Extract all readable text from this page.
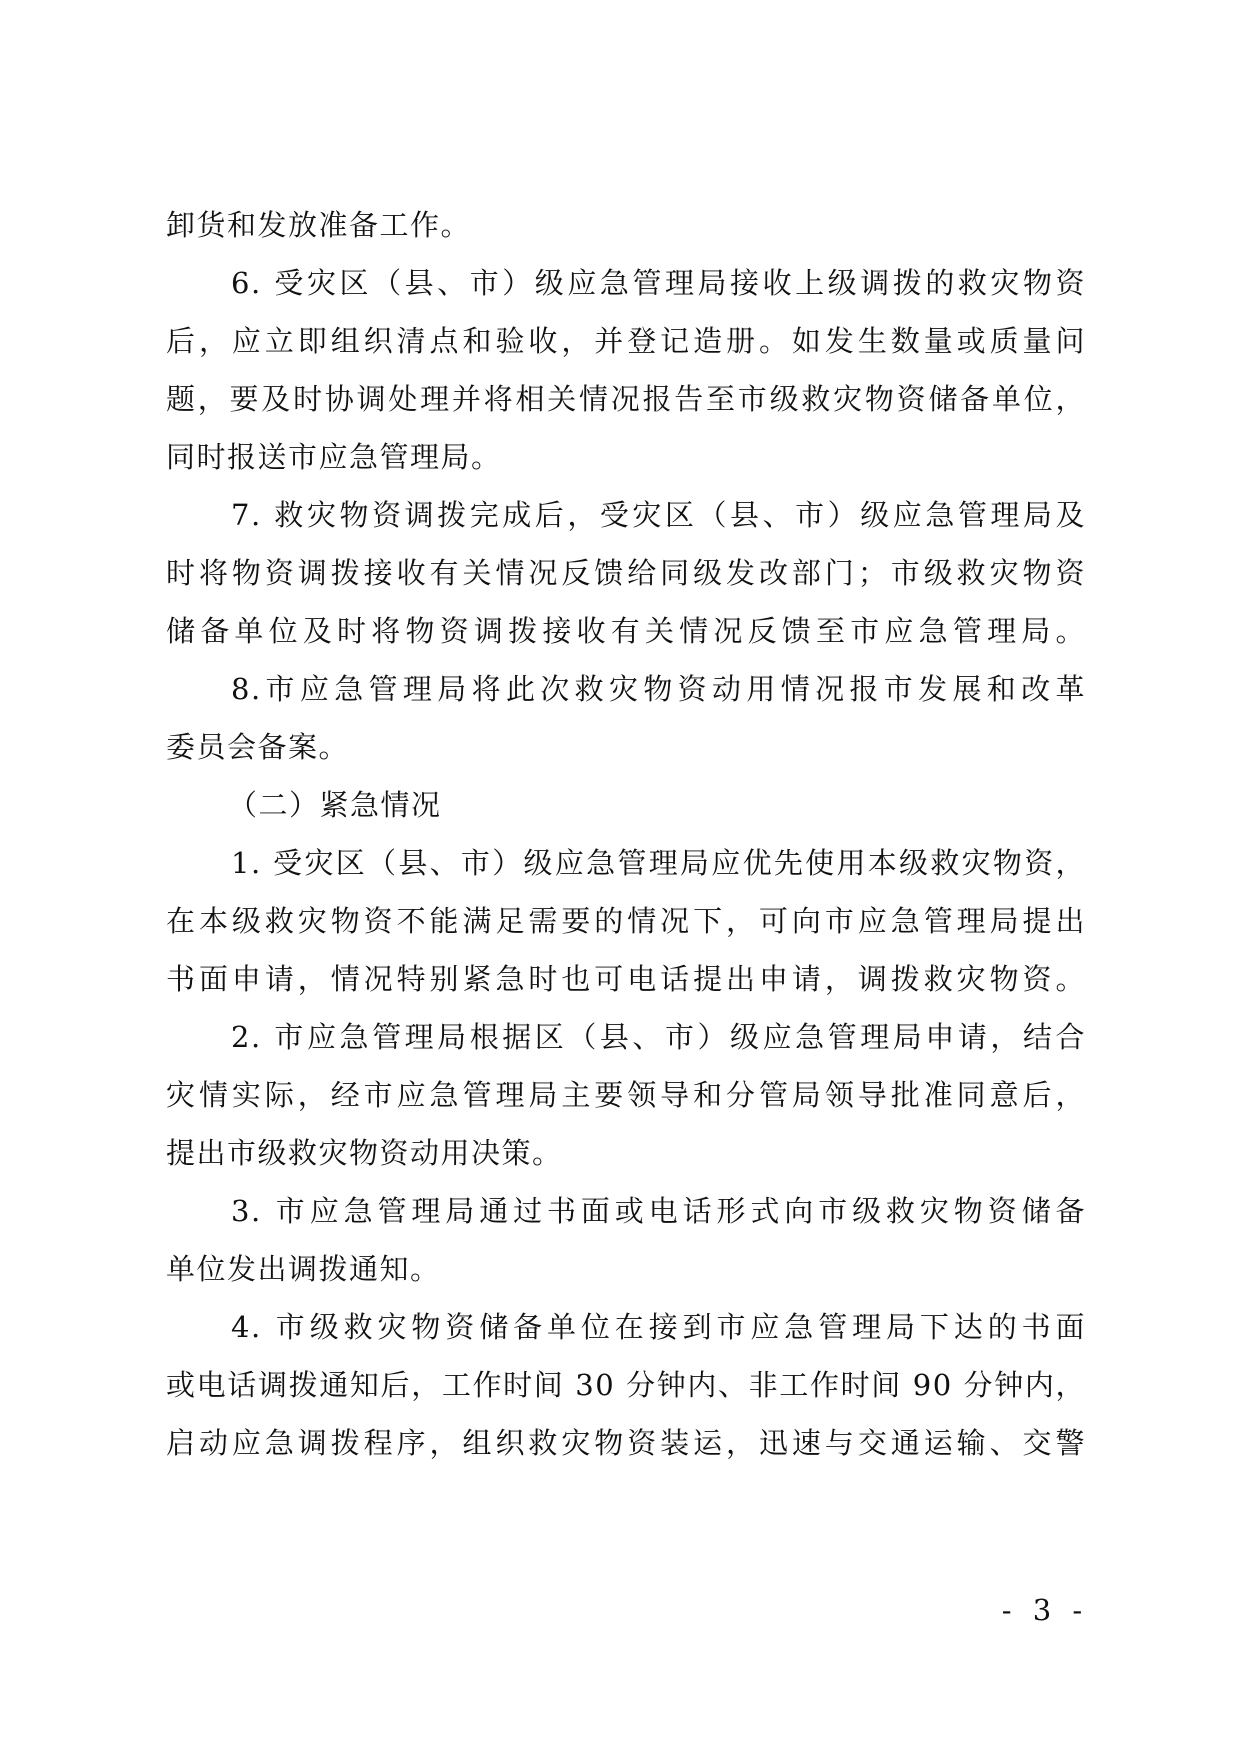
卸货和发放准备工作。
6. 受灾区（县、市）级应急管理局接收上级调拨的救灾物资
后，应立即组织清点和验收，并登记造册。如发生数量或质量问
题，要及时协调处理并将相关情况报告至市级救灾物资储备单位，
同时报送市应急管理局。
7. 救灾物资调拨完成后，受灾区（县、市）级应急管理局及
时将物资调拨接收有关情况反馈给同级发改部门；市级救灾物资
储备单位及时将物资调拨接收有关情况反馈至市应急管理局。
8.市应急管理局将此次救灾物资动用情况报市发展和改革
委员会备案。
（二）紧急情况
1. 受灾区（县、市）级应急管理局应优先使用本级救灾物资，
在本级救灾物资不能满足需要的情况下，可向市应急管理局提出
书面申请，情况特别紧急时也可电话提出申请，调拨救灾物资。
2. 市应急管理局根据区（县、市）级应急管理局申请，结合
灾情实际，经市应急管理局主要领导和分管局领导批准同意后，
提出市级救灾物资动用决策。
3. 市应急管理局通过书面或电话形式向市级救灾物资储备
单位发出调拨通知。
4. 市级救灾物资储备单位在接到市应急管理局下达的书面
或电话调拨通知后，工作时间 30 分钟内、非工作时间 90 分钟内，
启动应急调拨程序，组织救灾物资装运，迅速与交通运输、交警
- 3 -
